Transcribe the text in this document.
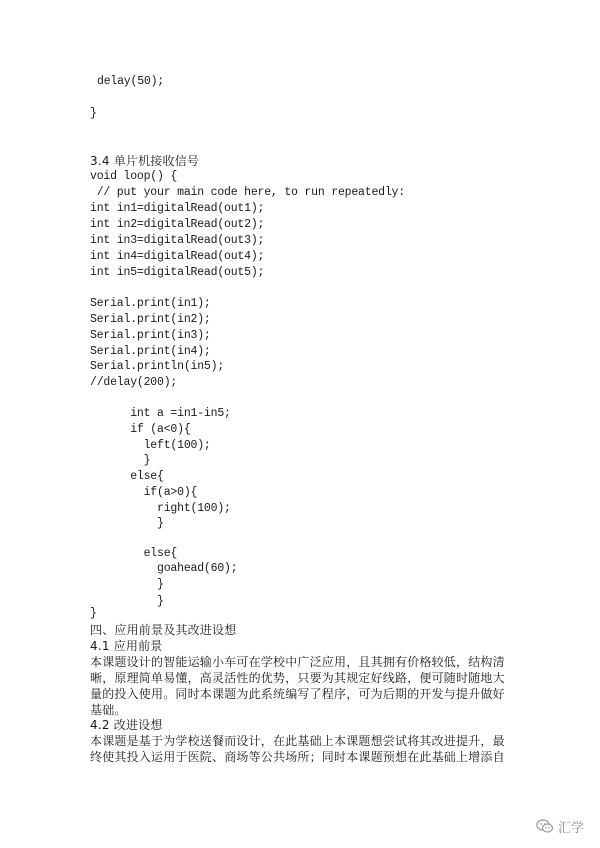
delay(50);
}
3.4 单片机接收信号
void loop() {
// put your main code here, to run repeatedly:
int in1=digitalRead(out1);
int in2=digitalRead(out2);
int in3=digitalRead(out3);
int in4=digitalRead(out4);
int in5=digitalRead(out5);
Serial.print(in1);
Serial.print(in2);
Serial.print(in3);
Serial.print(in4);
Serial.println(in5);
//delay(200);
int a =in1-in5;
if (a<0){
left(100);
}
else{
if(a>0){
right(100);
}
else{
goahead(60);
}
}
}
四、应用前景及其改进设想
4.1 应用前景
本课题设计的智能运输小车可在学校中广泛应用，且其拥有价格较低，结构清
晰，原理简单易懂，高灵活性的优势，只要为其规定好线路，便可随时随地大
量的投入使用。同时本课题为此系统编写了程序，可为后期的开发与提升做好
基础。
4.2 改进设想
本课题是基于为学校送餐而设计，在此基础上本课题想尝试将其改进提升，最
终使其投入运用于医院、商场等公共场所；同时本课题预想在此基础上增添自
汇学
